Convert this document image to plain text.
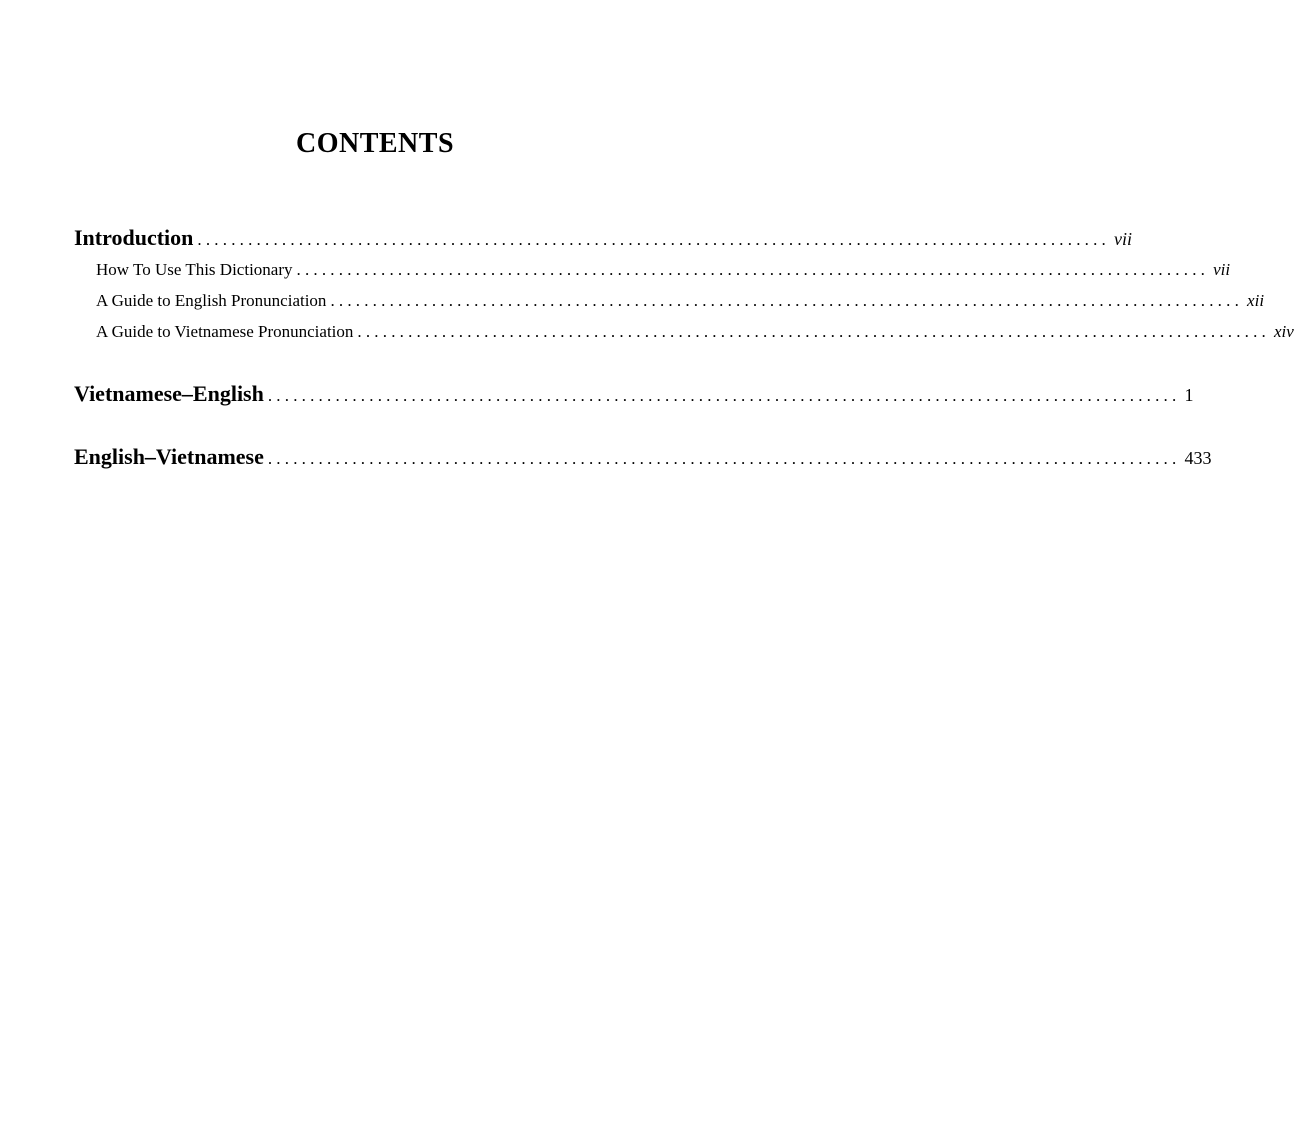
CONTENTS
Introduction ............................................................................................................ vii
How To Use This Dictionary ............................................................................................................ vii
A Guide to English Pronunciation ............................................................................................................ xii
A Guide to Vietnamese Pronunciation ............................................................................................................ xiv
Vietnamese–English ............................................................................................................ 1
English–Vietnamese ............................................................................................................ 433
